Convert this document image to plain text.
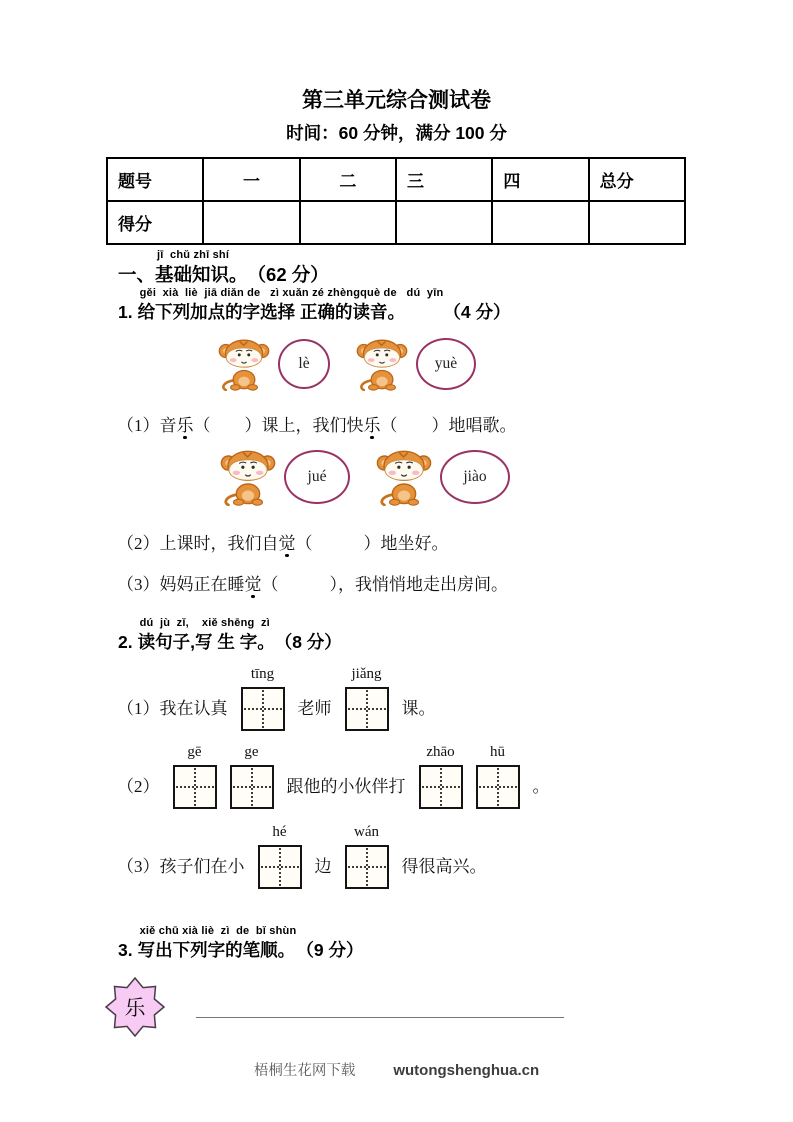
第三单元综合测试卷
时间：60 分钟，满分 100 分
题号	一	二	三	四	总分
得分					
一、
jī  chǔ zhī shí
基础知识。 （62 分）
1.
gěi  xià  liè  jiā diǎn de   zì xuǎn zé zhèngquè de   dú  yīn
给下列加点的字选择 正确的读音。 （4 分）
lè	yuè

（1）音乐（　　）课上，我们快乐（　　）地唱歌。

jué	jiào

（2）上课时，我们自觉（　　　）地坐好。

（3）妈妈正在睡觉（　　　），我悄悄地走出房间。

2.
dú  jù  zǐ,    xiě shēng  zì
读句子,写 生 字。 （8 分）
（1）我在认真
tīng
老师
jiǎng
课。
（2）
gē	ge
跟他的小伙伴打
zhāo hū
。
（3）孩子们在小
hé
边
wán
得很高兴。
3.
xiě chū xià liè  zì  de  bǐ shùn
写出下列字的笔顺。 （9 分）
乐
梧桐生花网下载	wutongshenghua.cn
